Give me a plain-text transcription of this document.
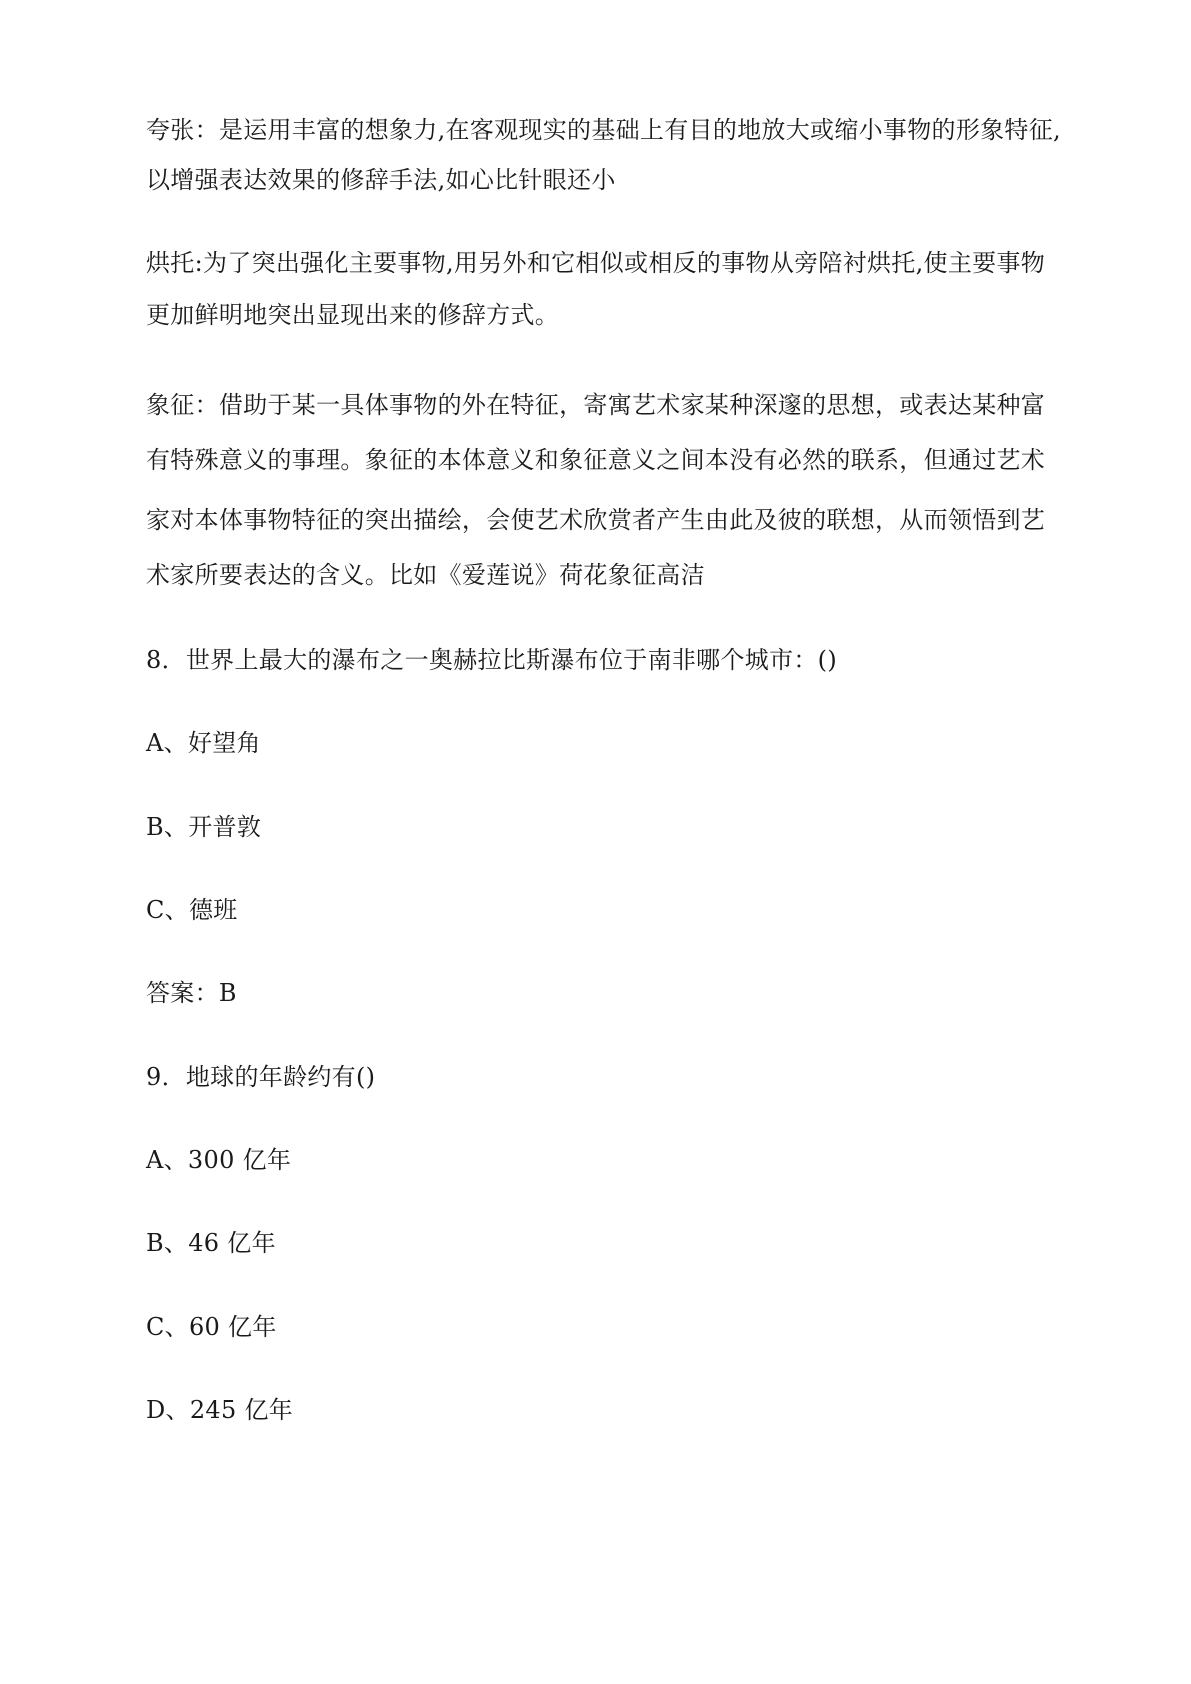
夸张：是运用丰富的想象力,在客观现实的基础上有目的地放大或缩小事物的形象特征,
以增强表达效果的修辞手法,如心比针眼还小
烘托:为了突出强化主要事物,用另外和它相似或相反的事物从旁陪衬烘托,使主要事物
更加鲜明地突出显现出来的修辞方式。
象征：借助于某一具体事物的外在特征，寄寓艺术家某种深邃的思想，或表达某种富
有特殊意义的事理。象征的本体意义和象征意义之间本没有必然的联系，但通过艺术
家对本体事物特征的突出描绘，会使艺术欣赏者产生由此及彼的联想，从而领悟到艺
术家所要表达的含义。比如《爱莲说》荷花象征高洁
8．世界上最大的瀑布之一奥赫拉比斯瀑布位于南非哪个城市：()
A、好望角
B、开普敦
C、德班
答案：B
9．地球的年龄约有()
A、300 亿年
B、46 亿年
C、60 亿年
D、245 亿年
